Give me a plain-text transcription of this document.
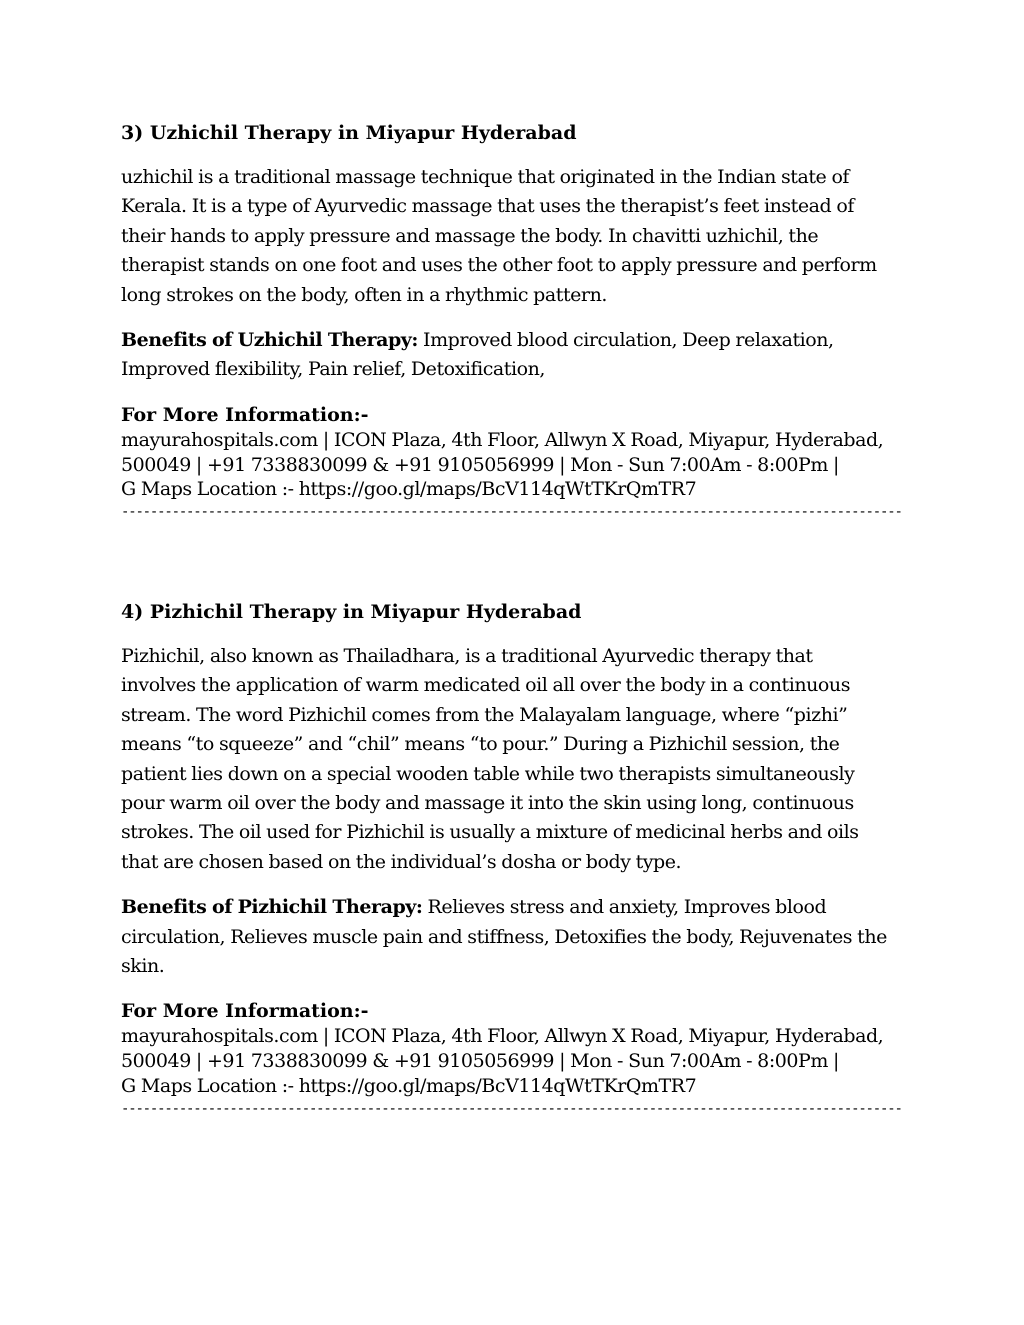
3) Uzhichil Therapy in Miyapur Hyderabad

uzhichil is a traditional massage technique that originated in the Indian state of
Kerala. It is a type of Ayurvedic massage that uses the therapist’s feet instead of
their hands to apply pressure and massage the body. In chavitti uzhichil, the
therapist stands on one foot and uses the other foot to apply pressure and perform
long strokes on the body, often in a rhythmic pattern.

Benefits of Uzhichil Therapy: Improved blood circulation, Deep relaxation,
Improved flexibility, Pain relief, Detoxification,

For More Information:-

mayurahospitals.com | ICON Plaza, 4th Floor, Allwyn X Road, Miyapur, Hyderabad,

500049 | +91 7338830099 & +91 9105056999 | Mon - Sun 7:00Am - 8:00Pm |

G Maps Location :- https://goo.gl/maps/BcV114qWtTKrQmTR7

------------------------------------------------------------------------------------------------------------

4) Pizhichil Therapy in Miyapur Hyderabad

Pizhichil, also known as Thailadhara, is a traditional Ayurvedic therapy that
involves the application of warm medicated oil all over the body in a continuous
stream. The word Pizhichil comes from the Malayalam language, where “pizhi”
means “to squeeze” and “chil” means “to pour.” During a Pizhichil session, the
patient lies down on a special wooden table while two therapists simultaneously
pour warm oil over the body and massage it into the skin using long, continuous
strokes. The oil used for Pizhichil is usually a mixture of medicinal herbs and oils
that are chosen based on the individual’s dosha or body type.

Benefits of Pizhichil Therapy: Relieves stress and anxiety, Improves blood
circulation, Relieves muscle pain and stiffness, Detoxifies the body, Rejuvenates the
skin.

For More Information:-

mayurahospitals.com | ICON Plaza, 4th Floor, Allwyn X Road, Miyapur, Hyderabad,

500049 | +91 7338830099 & +91 9105056999 | Mon - Sun 7:00Am - 8:00Pm |

G Maps Location :- https://goo.gl/maps/BcV114qWtTKrQmTR7

------------------------------------------------------------------------------------------------------------
